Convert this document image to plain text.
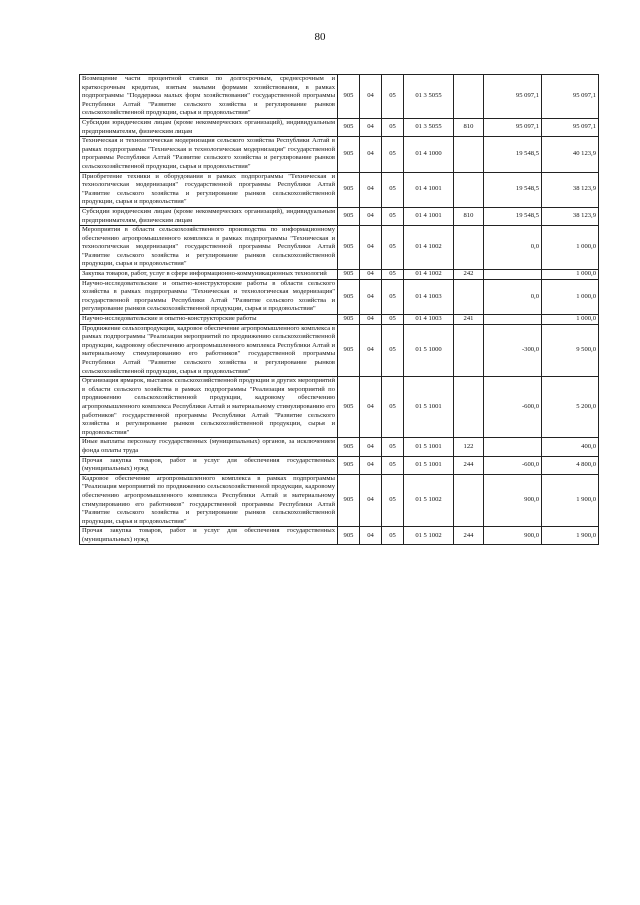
80
Возмещение части процентной ставки по долгосрочным, среднесрочным и краткосрочным кредитам, взятым малыми формами хозяйствования, в рамках подпрограммы "Поддержка малых форм хозяйствования" государственной программы Республики Алтай "Развитие сельского хозяйства и регулирование рынков сельскохозяйственной продукции, сырья и продовольствия"	905	04	05	01 3 5055		95 097,1	95 097,1
Субсидии юридическим лицам (кроме некоммерческих организаций), индивидуальным предпринимателям, физическим лицам	905	04	05	01 3 5055	810	95 097,1	95 097,1
Техническая и технологическая модернизация сельского хозяйства Республики Алтай в рамках подпрограммы "Техническая и технологическая модернизация" государственной программы Республики Алтай "Развитие сельского хозяйства и регулирование рынков сельскохозяйственной продукции, сырья и продовольствия"	905	04	05	01 4 1000		19 548,5	40 123,9
Приобретение техники и оборудования в рамках подпрограммы "Техническая и технологическая модернизация" государственной программы Республики Алтай "Развитие сельского хозяйства и регулирование рынков сельскохозяйственной продукции, сырья и продовольствия"	905	04	05	01 4 1001		19 548,5	38 123,9
Субсидии юридическим лицам (кроме некоммерческих организаций), индивидуальным предпринимателям, физическим лицам	905	04	05	01 4 1001	810	19 548,5	38 123,9
Мероприятия в области сельскохозяйственного производства по информационному обеспечению агропромышленного комплекса в рамках подпрограммы "Техническая и технологическая модернизация" государственной программы Республики Алтай "Развитие сельского хозяйства и регулирование рынков сельскохозяйственной продукции, сырья и продовольствия"	905	04	05	01 4 1002		0,0	1 000,0
Закупка товаров, работ, услуг в сфере информационно-коммуникационных технологий	905	04	05	01 4 1002	242		1 000,0
Научно-исследовательские и опытно-конструкторские работы в области сельского хозяйства в рамках подпрограммы "Техническая и технологическая модернизация" государственной программы Республики Алтай "Развитие сельского хозяйства и регулирование рынков сельскохозяйственной продукции, сырья и продовольствия"	905	04	05	01 4 1003		0,0	1 000,0
Научно-исследовательские и опытно-конструкторские работы	905	04	05	01 4 1003	241		1 000,0
Продвижение сельхозпродукции, кадровое обеспечение агропромышленного комплекса в рамках подпрограммы "Реализация мероприятий по продвижению сельскохозяйственной продукции, кадровому обеспечению агропромышленного комплекса Республики Алтай и материальному стимулированию его работников" государственной программы Республики Алтай "Развитие сельского хозяйства и регулирование рынков сельскохозяйственной продукции, сырья и продовольствия"	905	04	05	01 5 1000		-300,0	9 500,0
Организация ярмарок, выставок сельскохозяйственной продукции и других мероприятий в области сельского хозяйства в рамках подпрограммы "Реализация мероприятий по продвижению сельскохозяйственной продукции, кадровому обеспечению агропромышленного комплекса Республики Алтай и материальному стимулированию его работников" государственной программы Республики Алтай "Развитие сельского хозяйства и регулирование рынков сельскохозяйственной продукции, сырья и продовольствия"	905	04	05	01 5 1001		-600,0	5 200,0
Иные выплаты персоналу государственных (муниципальных) органов, за исключением фонда оплаты труда	905	04	05	01 5 1001	122		400,0
Прочая закупка товаров, работ и услуг для обеспечения государственных (муниципальных) нужд	905	04	05	01 5 1001	244	-600,0	4 800,0
Кадровое обеспечение агропромышленного комплекса в рамках подпрограммы "Реализация мероприятий по продвижению сельскохозяйственной продукции, кадровому обеспечению агропромышленного комплекса Республики Алтай и материальному стимулированию его работников" государственной программы Республики Алтай "Развитие сельского хозяйства и регулирование рынков сельскохозяйственной продукции, сырья и продовольствия"	905	04	05	01 5 1002		900,0	1 900,0
Прочая закупка товаров, работ и услуг для обеспечения государственных (муниципальных) нужд	905	04	05	01 5 1002	244	900,0	1 900,0
